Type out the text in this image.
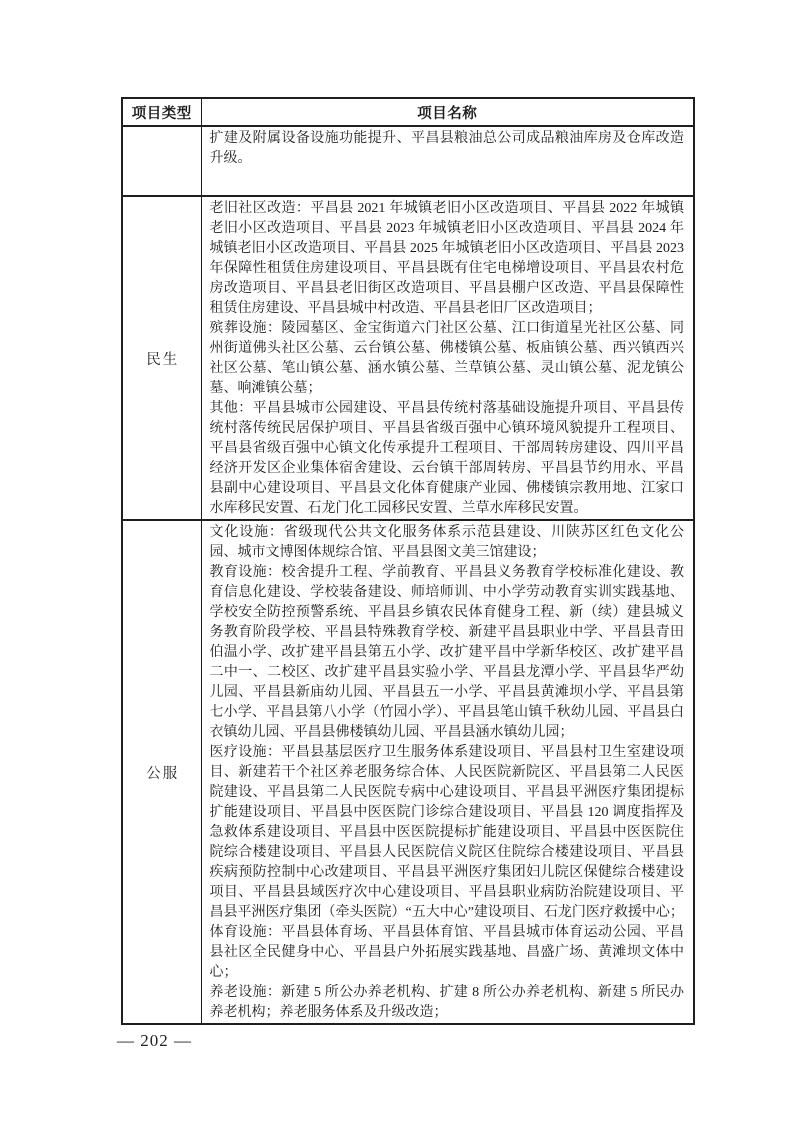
项目类型	项目名称

	扩建及附属设备设施功能提升、平昌县粮油总公司成品粮油库房及仓库改造升级。

民生	老旧社区改造：平昌县 2021 年城镇老旧小区改造项目、平昌县 2022 年城镇老旧小区改造项目、平昌县 2023 年城镇老旧小区改造项目、平昌县 2024 年城镇老旧小区改造项目、平昌县 2025 年城镇老旧小区改造项目、平昌县 2023 年保障性租赁住房建设项目、平昌县既有住宅电梯增设项目、平昌县农村危房改造项目、平昌县老旧街区改造项目、平昌县棚户区改造、平昌县保障性租赁住房建设、平昌县城中村改造、平昌县老旧厂区改造项目；

殡葬设施：陵园墓区、金宝街道六门社区公墓、江口街道星光社区公墓、同州街道佛头社区公墓、云台镇公墓、佛楼镇公墓、板庙镇公墓、西兴镇西兴社区公墓、笔山镇公墓、涵水镇公墓、兰草镇公墓、灵山镇公墓、泥龙镇公墓、响滩镇公墓；

其他：平昌县城市公园建设、平昌县传统村落基础设施提升项目、平昌县传统村落传统民居保护项目、平昌县省级百强中心镇环境风貌提升工程项目、平昌县省级百强中心镇文化传承提升工程项目、干部周转房建设、四川平昌经济开发区企业集体宿舍建设、云台镇干部周转房、平昌县节约用水、平昌县副中心建设项目、平昌县文化体育健康产业园、佛楼镇宗教用地、江家口水库移民安置、石龙门化工园移民安置、兰草水库移民安置。

公服	文化设施：省级现代公共文化服务体系示范县建设、川陕苏区红色文化公园、城市文博图体规综合馆、平昌县图文美三馆建设；

教育设施：校舍提升工程、学前教育、平昌县义务教育学校标准化建设、教育信息化建设、学校装备建设、师培师训、中小学劳动教育实训实践基地、学校安全防控预警系统、平昌县乡镇农民体育健身工程、新（续）建县城义务教育阶段学校、平昌县特殊教育学校、新建平昌县职业中学、平昌县青田伯温小学、改扩建平昌县第五小学、改扩建平昌中学新华校区、改扩建平昌二中一、二校区、改扩建平昌县实验小学、平昌县龙潭小学、平昌县华严幼儿园、平昌县新庙幼儿园、平昌县五一小学、平昌县黄滩坝小学、平昌县第七小学、平昌县第八小学（竹园小学）、平昌县笔山镇千秋幼儿园、平昌县白衣镇幼儿园、平昌县佛楼镇幼儿园、平昌县涵水镇幼儿园；

医疗设施：平昌县基层医疗卫生服务体系建设项目、平昌县村卫生室建设项目、新建若干个社区养老服务综合体、人民医院新院区、平昌县第二人民医院建设、平昌县第二人民医院专病中心建设项目、平昌县平洲医疗集团提标扩能建设项目、平昌县中医医院门诊综合建设项目、平昌县 120 调度指挥及急救体系建设项目、平昌县中医医院提标扩能建设项目、平昌县中医医院住院综合楼建设项目、平昌县人民医院信义院区住院综合楼建设项目、平昌县疾病预防控制中心改建项目、平昌县平洲医疗集团妇儿院区保健综合楼建设项目、平昌县县域医疗次中心建设项目、平昌县职业病防治院建设项目、平昌县平洲医疗集团（牵头医院）“五大中心”建设项目、石龙门医疗救援中心；

体育设施：平昌县体育场、平昌县体育馆、平昌县城市体育运动公园、平昌县社区全民健身中心、平昌县户外拓展实践基地、昌盛广场、黄滩坝文体中心；

养老设施：新建 5 所公办养老机构、扩建 8 所公办养老机构、新建 5 所民办养老机构；养老服务体系及升级改造；

— 202 —
